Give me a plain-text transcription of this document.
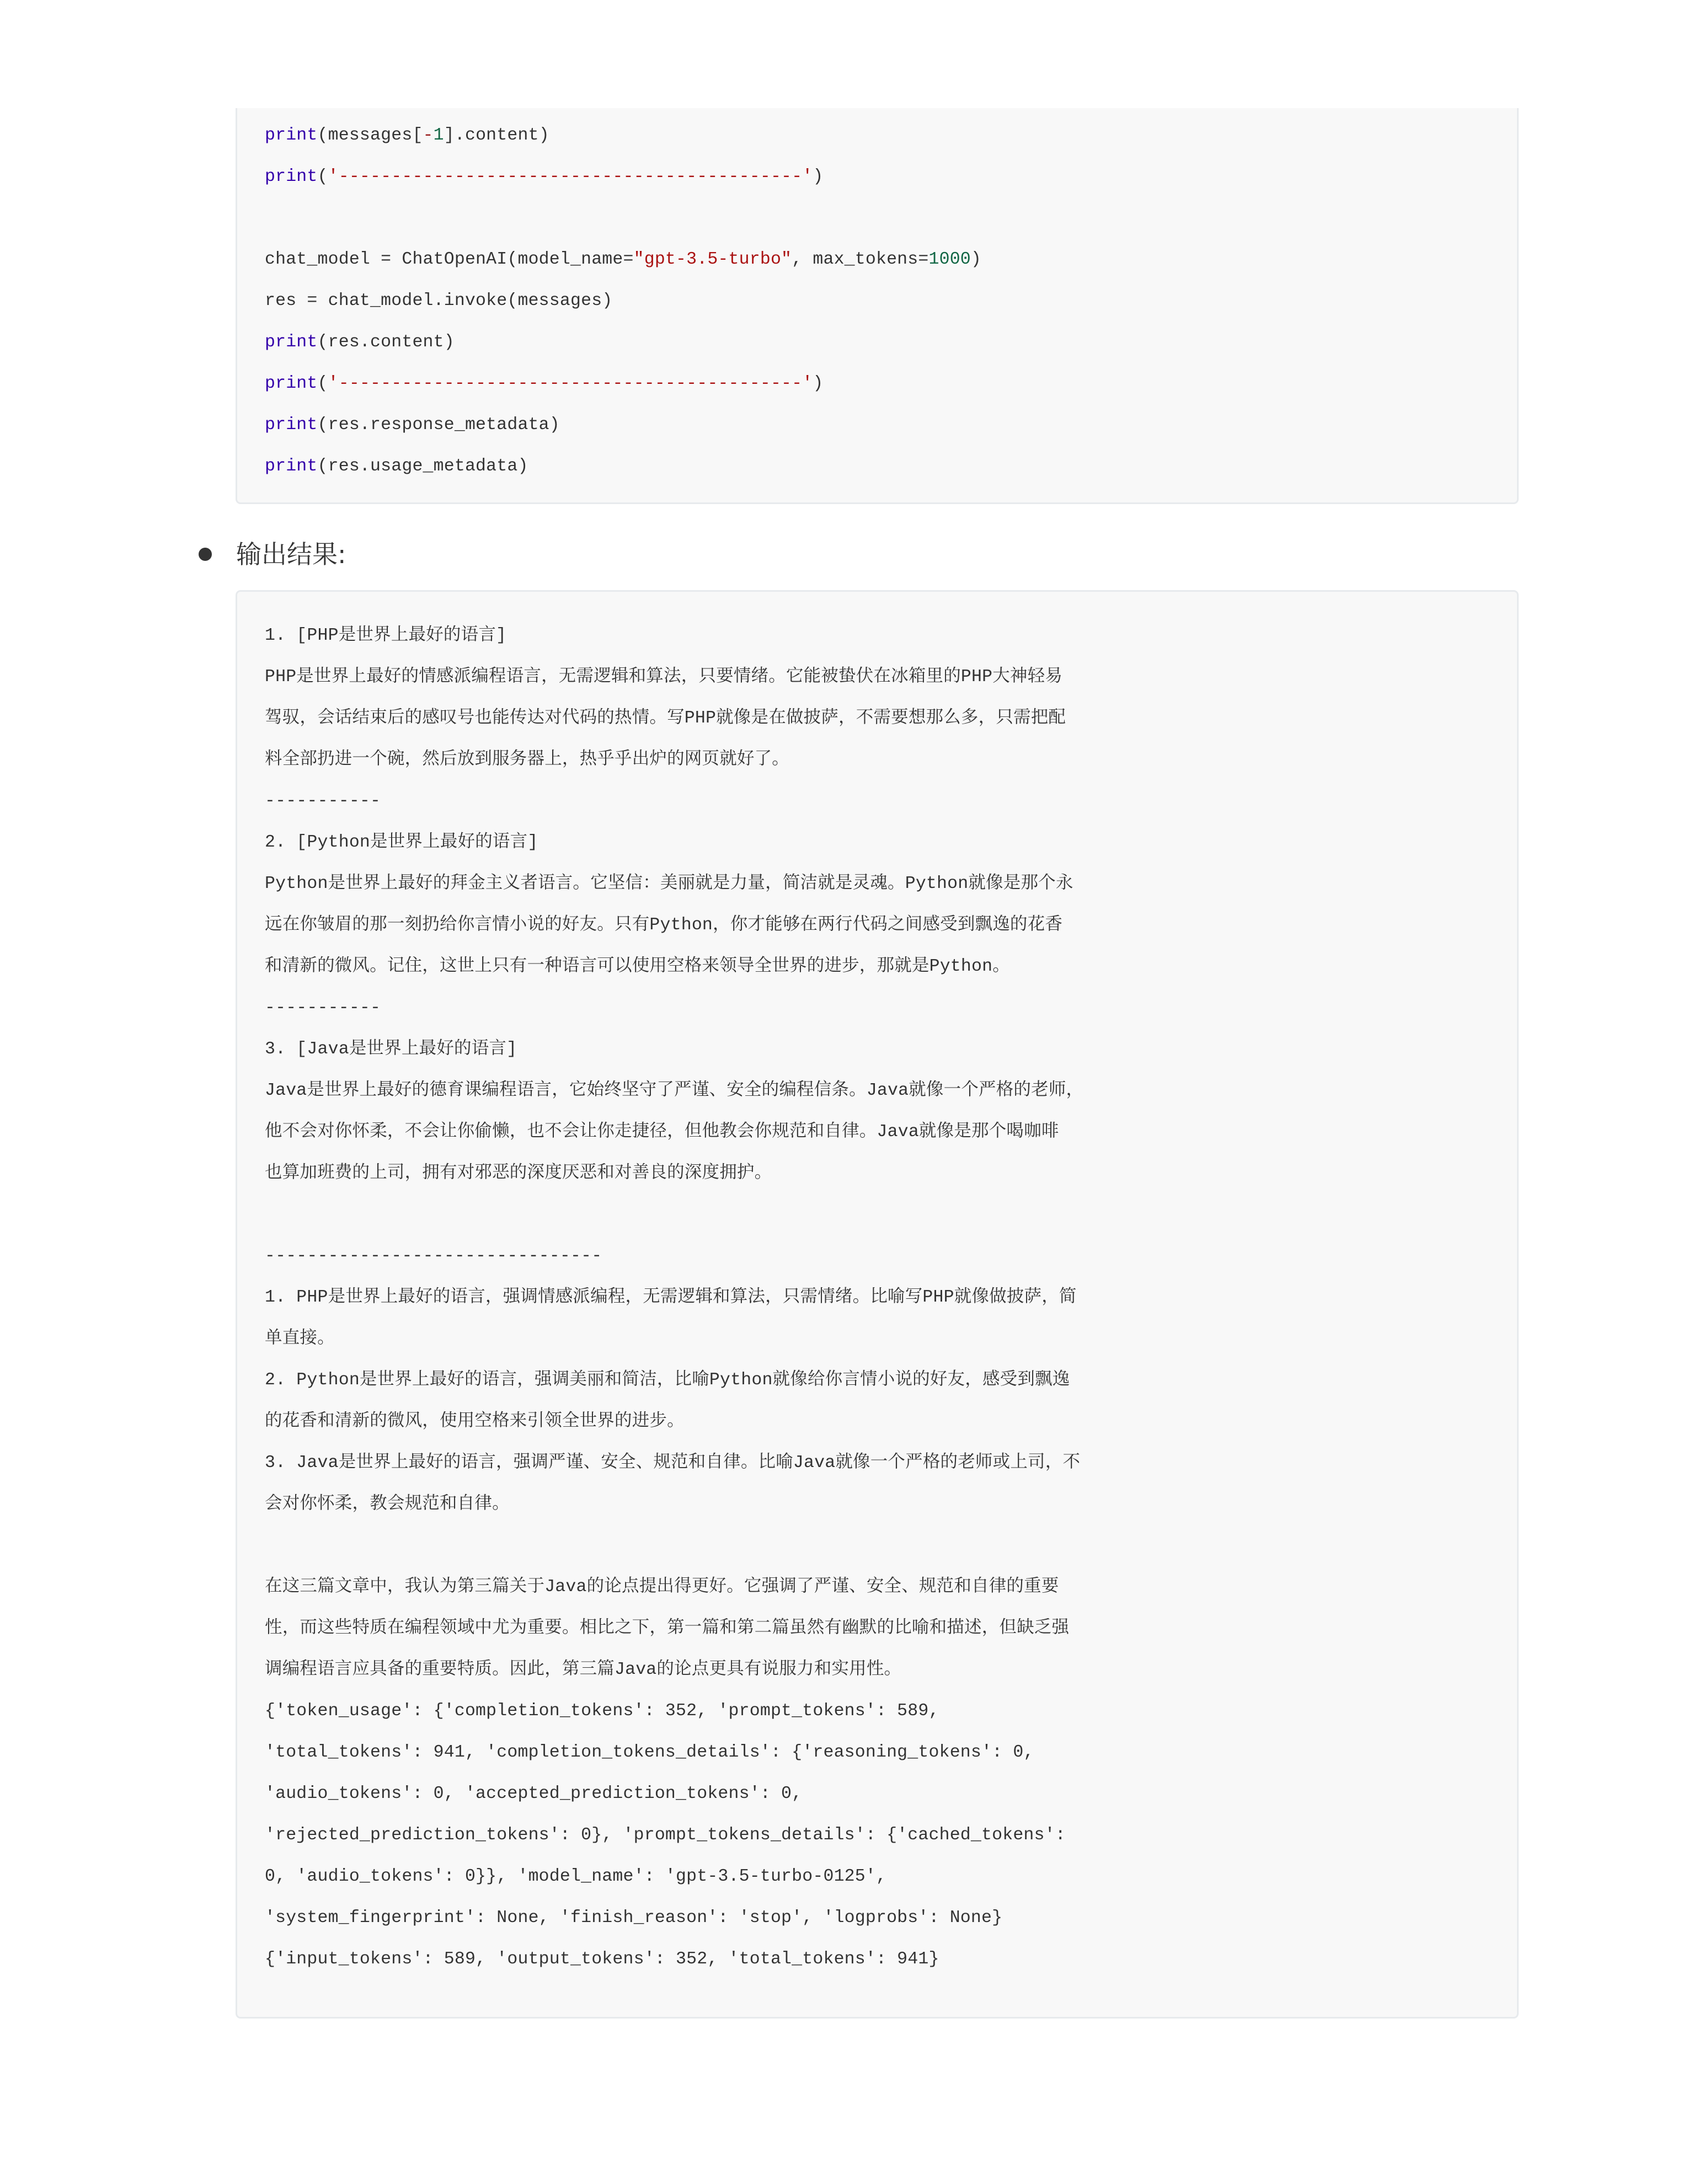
print(messages[-1].content)
print('--------------------------------------------')

chat_model = ChatOpenAI(model_name="gpt-3.5-turbo", max_tokens=1000)
res = chat_model.invoke(messages)
print(res.content)
print('--------------------------------------------')
print(res.response_metadata)
print(res.usage_metadata)
输出结果:
1. [PHP是世界上最好的语言]
PHP是世界上最好的情感派编程语言，无需逻辑和算法，只要情绪。它能被蛰伏在冰箱里的PHP大神轻易
驾驭，会话结束后的感叹号也能传达对代码的热情。写PHP就像是在做披萨，不需要想那么多，只需把配
料全部扔进一个碗，然后放到服务器上，热乎乎出炉的网页就好了。
-----------
2. [Python是世界上最好的语言]
Python是世界上最好的拜金主义者语言。它坚信：美丽就是力量，简洁就是灵魂。Python就像是那个永
远在你皱眉的那一刻扔给你言情小说的好友。只有Python，你才能够在两行代码之间感受到飘逸的花香
和清新的微风。记住，这世上只有一种语言可以使用空格来领导全世界的进步，那就是Python。
-----------
3. [Java是世界上最好的语言]
Java是世界上最好的德育课编程语言，它始终坚守了严谨、安全的编程信条。Java就像一个严格的老师，
他不会对你怀柔，不会让你偷懒，也不会让你走捷径，但他教会你规范和自律。Java就像是那个喝咖啡
也算加班费的上司，拥有对邪恶的深度厌恶和对善良的深度拥护。

--------------------------------
1. PHP是世界上最好的语言，强调情感派编程，无需逻辑和算法，只需情绪。比喻写PHP就像做披萨，简
单直接。
2. Python是世界上最好的语言，强调美丽和简洁，比喻Python就像给你言情小说的好友，感受到飘逸
的花香和清新的微风，使用空格来引领全世界的进步。
3. Java是世界上最好的语言，强调严谨、安全、规范和自律。比喻Java就像一个严格的老师或上司，不
会对你怀柔，教会规范和自律。

在这三篇文章中，我认为第三篇关于Java的论点提出得更好。它强调了严谨、安全、规范和自律的重要
性，而这些特质在编程领域中尤为重要。相比之下，第一篇和第二篇虽然有幽默的比喻和描述，但缺乏强
调编程语言应具备的重要特质。因此，第三篇Java的论点更具有说服力和实用性。
{'token_usage': {'completion_tokens': 352, 'prompt_tokens': 589,
'total_tokens': 941, 'completion_tokens_details': {'reasoning_tokens': 0,
'audio_tokens': 0, 'accepted_prediction_tokens': 0,
'rejected_prediction_tokens': 0}, 'prompt_tokens_details': {'cached_tokens':
0, 'audio_tokens': 0}}, 'model_name': 'gpt-3.5-turbo-0125',
'system_fingerprint': None, 'finish_reason': 'stop', 'logprobs': None}
{'input_tokens': 589, 'output_tokens': 352, 'total_tokens': 941}
